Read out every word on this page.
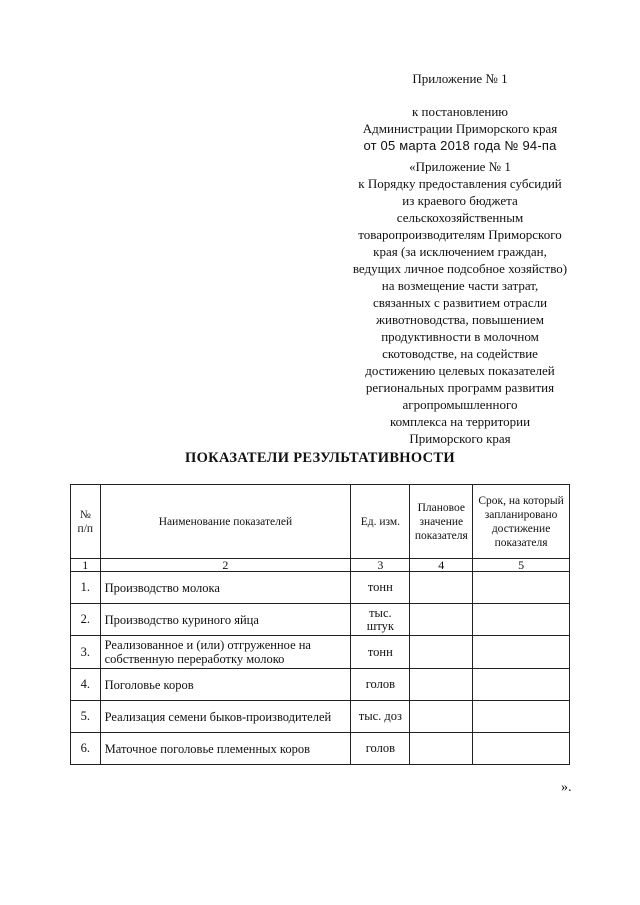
Приложение № 1
к постановлению
Администрации Приморского края
от 05 марта 2018 года № 94-па
«Приложение № 1
к Порядку предоставления субсидий
из краевого бюджета
сельскохозяйственным
товаропроизводителям Приморского
края (за исключением граждан,
ведущих личное подсобное хозяйство)
на возмещение части затрат,
связанных с развитием отрасли
животноводства, повышением
продуктивности в молочном
скотоводстве, на содействие
достижению целевых показателей
региональных программ развития
агропромышленного
комплекса на территории
Приморского края
ПОКАЗАТЕЛИ РЕЗУЛЬТАТИВНОСТИ
№ п/п	Наименование показателей	Ед. изм.	Плановое значение показателя	Срок, на который запланировано достижение показателя
1	2	3	4	5
1.	Производство молока	тонн		
2.	Производство куриного яйца	тыс. штук		
3.	Реализованное и (или) отгруженное на собственную переработку молоко	тонн		
4.	Поголовье коров	голов		
5.	Реализация семени быков-производителей	тыс. доз		
6.	Маточное поголовье племенных коров	голов		
».
